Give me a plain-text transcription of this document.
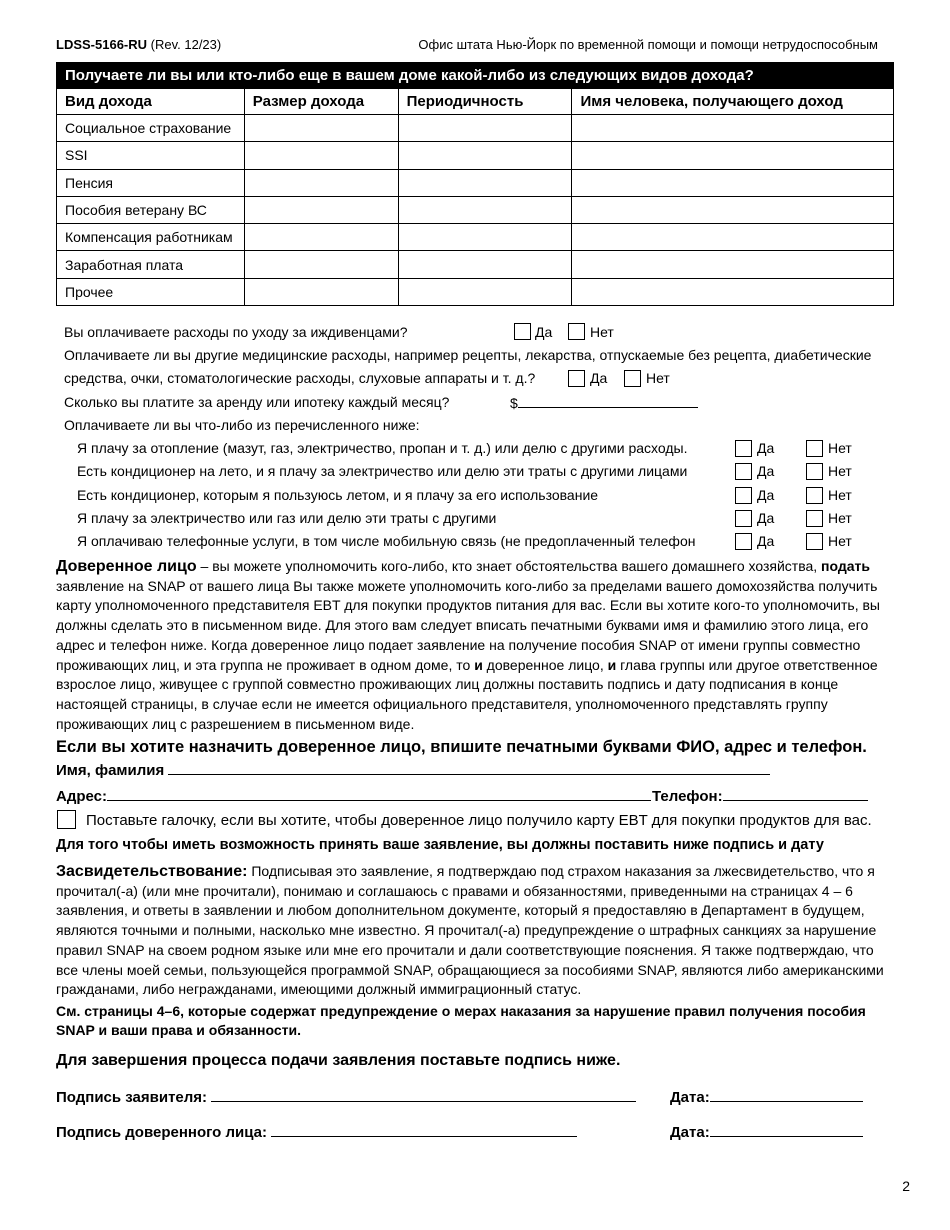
LDSS-5166-RU (Rev. 12/23)	Офис штата Нью-Йорк по временной помощи и помощи нетрудоспособным
Получаете ли вы или кто-либо еще в вашем доме какой-либо из следующих видов дохода?			
Вид дохода	Размер дохода	Периодичность	Имя человека, получающего доход
Социальное страхование			
SSI			
Пенсия			
Пособия ветерану ВС			
Компенсация работникам			
Заработная плата			
Прочее			
Вы оплачиваете расходы по уходу за иждивенцами?	Да	Нет
Оплачиваете ли вы другие медицинские расходы, например рецепты, лекарства, отпускаемые без рецепта, диабетические
средства, очки, стоматологические расходы, слуховые аппараты и т. д.?	Да	Нет
Сколько вы платите за аренду или ипотеку каждый месяц?	$
Оплачиваете ли вы что-либо из перечисленного ниже:
Я плачу за отопление (мазут, газ, электричество, пропан и т. д.) или делю с другими расходы.	Да	Нет
Есть кондиционер на лето, и я плачу за электричество или делю эти траты с другими лицами	Да	Нет
Есть кондиционер, которым я пользуюсь летом, и я плачу за его использование	Да	Нет
Я плачу за электричество или газ или делю эти траты с другими	Да	Нет
Я оплачиваю телефонные услуги, в том числе мобильную связь (не предоплаченный телефон	Да	Нет
Доверенное лицо – вы можете уполномочить кого-либо, кто знает обстоятельства вашего домашнего хозяйства, подать заявление на SNAP от вашего лица Вы также можете уполномочить кого-либо за пределами вашего домохозяйства получить карту уполномоченного представителя EBT для покупки продуктов питания для вас. Если вы хотите кого-то уполномочить, вы должны сделать это в письменном виде. Для этого вам следует вписать печатными буквами имя и фамилию этого лица, его адрес и телефон ниже. Когда доверенное лицо подает заявление на получение пособия SNAP от имени группы совместно проживающих лиц, и эта группа не проживает в одном доме, то и доверенное лицо, и глава группы или другое ответственное взрослое лицо, живущее с группой совместно проживающих лиц должны поставить подпись и дату подписания в конце настоящей страницы, в случае если не имеется официального представителя, уполномоченного представлять группу проживающих лиц с разрешением в письменном виде.
Если вы хотите назначить доверенное лицо, впишите печатными буквами ФИО, адрес и телефон.
Имя, фамилия
Адрес:	Телефон:
Поставьте галочку, если вы хотите, чтобы доверенное лицо получило карту EBT для покупки продуктов для вас.
Для того чтобы иметь возможность принять ваше заявление, вы должны поставить ниже подпись и дату
Засвидетельствование: Подписывая это заявление, я подтверждаю под страхом наказания за лжесвидетельство, что я прочитал(-а) (или мне прочитали), понимаю и соглашаюсь с правами и обязанностями, приведенными на страницах 4 – 6 заявления, и ответы в заявлении и любом дополнительном документе, который я предоставляю в Департамент в будущем, являются точными и полными, насколько мне известно. Я прочитал(-а) предупреждение о штрафных санкциях за нарушение правил SNAP на своем родном языке или мне его прочитали и дали соответствующие пояснения. Я также подтверждаю, что все члены моей семьи, пользующейся программой SNAP, обращающиеся за пособиями SNAP, являются либо американскими гражданами, либо негражданами, имеющими должный иммиграционный статус.
См. страницы 4–6, которые содержат предупреждение о мерах наказания за нарушение правил получения пособия SNAP и ваши права и обязанности.
Для завершения процесса подачи заявления поставьте подпись ниже.
Подпись заявителя:	Дата:
Подпись доверенного лица:	Дата:
2
